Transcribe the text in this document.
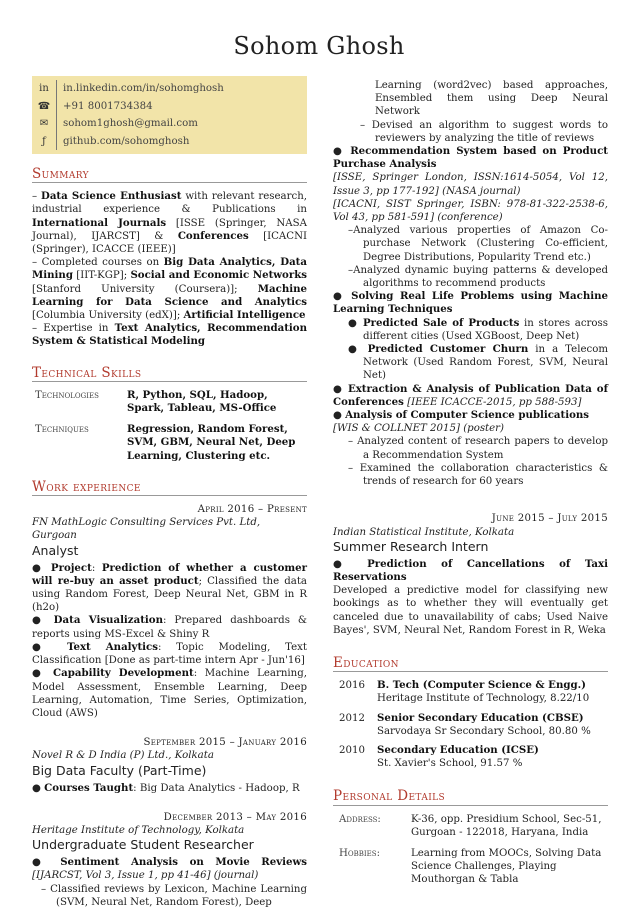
Sohom Ghosh
in	in.linkedin.com/in/sohomghosh
☎	+91 8001734384
✉	sohom1ghosh@gmail.com
ƒ	github.com/sohomghosh
Summary

– Data Science Enthusiast with relevant research, industrial experience & Publications in International Journals [ISSE (Springer, NASA Journal), IJARCST] & Conferences [ICACNI (Springer), ICACCE (IEEE)]

– Completed courses on Big Data Analytics, Data Mining [IIT-KGP]; Social and Economic Networks [Stanford University (Coursera)]; Machine Learning for Data Science and Analytics [Columbia University (edX)]; Artificial Intelligence

– Expertise in Text Analytics, Recommendation System & Statistical Modeling

Technical Skills
Technologies	R, Python, SQL, Hadoop, Spark, Tableau, MS-Office
Techniques	Regression, Random Forest, SVM, GBM, Neural Net, Deep Learning, Clustering etc.
Work experience
April 2016 – Present
FN MathLogic Consulting Services Pvt. Ltd, Gurgoan
Analyst

● Project: Prediction of whether a customer will re-buy an asset product; Classified the data using Random Forest, Deep Neural Net, GBM in R (h2o)

● Data Visualization: Prepared dashboards & reports using MS-Excel & Shiny R

● Text Analytics: Topic Modeling, Text Classification [Done as part-time intern Apr - Jun'16]

● Capability Development: Machine Learning, Model Assessment, Ensemble Learning, Deep Learning, Automation, Time Series, Optimization, Cloud (AWS)

September 2015 – January 2016
Novel R & D India (P) Ltd., Kolkata
Big Data Faculty (Part-Time)

● Courses Taught: Big Data Analytics - Hadoop, R

December 2013 – May 2016
Heritage Institute of Technology, Kolkata
Undergraduate Student Researcher

● Sentiment Analysis on Movie Reviews [IJARCST, Vol 3, Issue 1, pp 41-46] (journal)

– Classified reviews by Lexicon, Machine Learning (SVM, Neural Net, Random Forest), Deep

Learning (word2vec) based approaches, Ensembled them using Deep Neural Network

– Devised an algorithm to suggest words to reviewers by analyzing the title of reviews

● Recommendation System based on Product Purchase Analysis

[ISSE, Springer London, ISSN:1614-5054, Vol 12, Issue 3, pp 177-192] (NASA journal)

[ICACNI, SIST Springer, ISBN: 978-81-322-2538-6, Vol 43, pp 581-591] (conference)

–Analyzed various properties of Amazon Co-purchase Network (Clustering Co-efficient, Degree Distributions, Popularity Trend etc.)

–Analyzed dynamic buying patterns & developed algorithms to recommend products

● Solving Real Life Problems using Machine Learning Techniques

● Predicted Sale of Products in stores across different cities (Used XGBoost, Deep Net)

● Predicted Customer Churn in a Telecom Network (Used Random Forest, SVM, Neural Net)

● Extraction & Analysis of Publication Data of Conferences [IEEE ICACCE-2015, pp 588-593]

● Analysis of Computer Science publications

[WIS & COLLNET 2015] (poster)

– Analyzed content of research papers to develop a Recommendation System

– Examined the collaboration characteristics & trends of research for 60 years

June 2015 – July 2015
Indian Statistical Institute, Kolkata
Summer Research Intern

● Prediction of Cancellations of Taxi Reservations

Developed a predictive model for classifying new bookings as to whether they will eventually get canceled due to unavailability of cabs; Used Naive Bayes', SVM, Neural Net, Random Forest in R, Weka

Education
2016	B. Tech (Computer Science & Engg.)
Heritage Institute of Technology, 8.22/10
2012	Senior Secondary Education (CBSE)
Sarvodaya Sr Secondary School, 80.80 %
2010	Secondary Education (ICSE)
St. Xavier's School, 91.57 %
Personal Details
Address:	K-36, opp. Presidium School, Sec-51, Gurgoan - 122018, Haryana, India
Hobbies:	Learning from MOOCs, Solving Data Science Challenges, Playing Mouthorgan & Tabla
